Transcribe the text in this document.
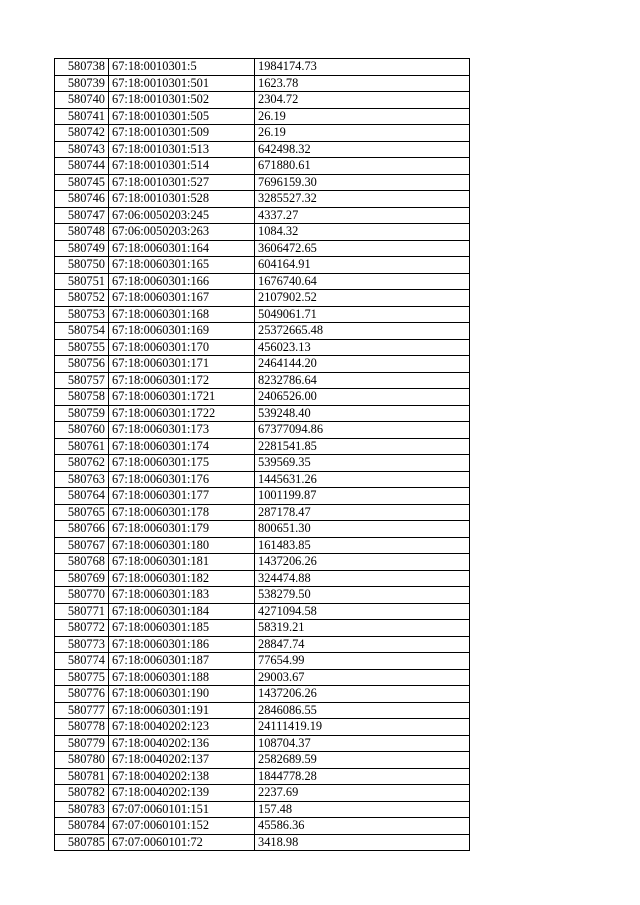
580738	67:18:0010301:5	1984174.73
580739	67:18:0010301:501	1623.78
580740	67:18:0010301:502	2304.72
580741	67:18:0010301:505	26.19
580742	67:18:0010301:509	26.19
580743	67:18:0010301:513	642498.32
580744	67:18:0010301:514	671880.61
580745	67:18:0010301:527	7696159.30
580746	67:18:0010301:528	3285527.32
580747	67:06:0050203:245	4337.27
580748	67:06:0050203:263	1084.32
580749	67:18:0060301:164	3606472.65
580750	67:18:0060301:165	604164.91
580751	67:18:0060301:166	1676740.64
580752	67:18:0060301:167	2107902.52
580753	67:18:0060301:168	5049061.71
580754	67:18:0060301:169	25372665.48
580755	67:18:0060301:170	456023.13
580756	67:18:0060301:171	2464144.20
580757	67:18:0060301:172	8232786.64
580758	67:18:0060301:1721	2406526.00
580759	67:18:0060301:1722	539248.40
580760	67:18:0060301:173	67377094.86
580761	67:18:0060301:174	2281541.85
580762	67:18:0060301:175	539569.35
580763	67:18:0060301:176	1445631.26
580764	67:18:0060301:177	1001199.87
580765	67:18:0060301:178	287178.47
580766	67:18:0060301:179	800651.30
580767	67:18:0060301:180	161483.85
580768	67:18:0060301:181	1437206.26
580769	67:18:0060301:182	324474.88
580770	67:18:0060301:183	538279.50
580771	67:18:0060301:184	4271094.58
580772	67:18:0060301:185	58319.21
580773	67:18:0060301:186	28847.74
580774	67:18:0060301:187	77654.99
580775	67:18:0060301:188	29003.67
580776	67:18:0060301:190	1437206.26
580777	67:18:0060301:191	2846086.55
580778	67:18:0040202:123	24111419.19
580779	67:18:0040202:136	108704.37
580780	67:18:0040202:137	2582689.59
580781	67:18:0040202:138	1844778.28
580782	67:18:0040202:139	2237.69
580783	67:07:0060101:151	157.48
580784	67:07:0060101:152	45586.36
580785	67:07:0060101:72	3418.98
